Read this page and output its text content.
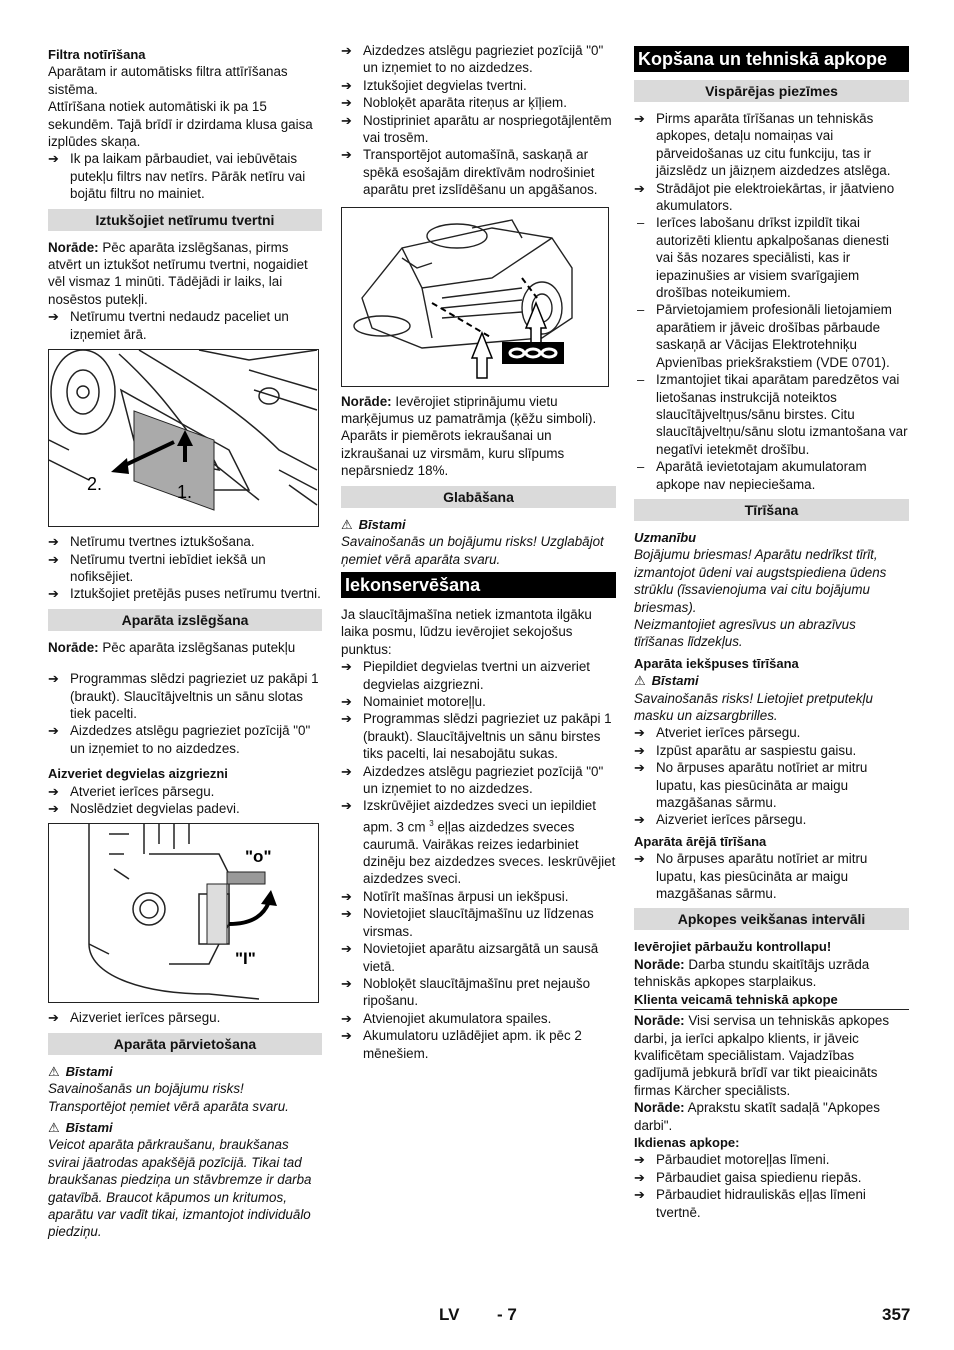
Filtra notīrīšana

Aparātam ir automātisks filtra attīrīšanas sistēma.

Attīrīšana notiek automātiski ik pa 15 sekundēm. Tajā brīdī ir dzirdama klusa gaisa izplūdes skaņa.

➔ Ik pa laikam pārbaudiet, vai iebūvētais putekļu filtrs nav netīrs. Pārāk netīru vai bojātu filtru no mainiet.
Iztukšojiet netīrumu tvertni

Norāde: Pēc aparāta izslēgšanas, pirms atvērt un iztukšot netīrumu tvertni, nogaidiet vēl vismaz 1 minūti. Tādējādi ir laiks, lai nosēstos putekļi.

➔ Netīrumu tvertni nedaudz paceliet un izņemiet ārā.
2.	1.
➔ Netīrumu tvertnes iztukšošana.
➔ Netīrumu tvertni iebīdiet iekšā un nofiksējiet.
➔ Iztukšojiet pretējās puses netīrumu tvertni.
Aparāta izslēgšana

Norāde: Pēc aparāta izslēgšanas putekļu

➔ Programmas slēdzi pagrieziet uz pakāpi 1 (braukt). Slaucītājveltnis un sānu slotas tiek pacelti.
➔ Aizdedzes atslēgu pagrieziet pozīcijā "0" un izņemiet to no aizdedzes.

Aizveriet degvielas aizgriezni

➔ Atveriet ierīces pārsegu.
➔ Noslēdziet degvielas padevi.
"o"
"I"
➔ Aizveriet ierīces pārsegu.
Aparāta pārvietošana
⚠ Bīstami

Savainošanās un bojājumu risks! Transportējot ņemiet vērā aparāta svaru.

⚠ Bīstami

Veicot aparāta pārkraušanu, braukšanas svirai jāatrodas apakšējā pozīcijā. Tikai tad braukšanas piedziņa un stāvbremze ir darba gatavībā. Braucot kāpumos un kritumos, aparātu var vadīt tikai, izmantojot individuālo piedziņu.

➔ Aizdedzes atslēgu pagrieziet pozīcijā "0" un izņemiet to no aizdedzes.
➔ Iztukšojiet degvielas tvertni.
➔ Nobloķēt aparāta riteņus ar ķīļiem.
➔ Nostipriniet aparātu ar nospriegotājlentēm vai trosēm.
➔ Transportējot automašīnā, saskaņā ar spēkā esošajām direktīvām nodrošiniet aparātu pret izslīdēšanu un apgāšanos.

Norāde: Ievērojiet stiprinājumu vietu marķējumus uz pamatrāmja (ķēžu simboli). Aparāts ir piemērots iekraušanai un izkraušanai uz virsmām, kuru slīpums nepārsniedz 18%.

Glabāšana
⚠ Bīstami

Savainošanās un bojājumu risks! Uzglabājot ņemiet vērā aparāta svaru.

Iekonservēšana

Ja slaucītājmašīna netiek izmantota ilgāku laika posmu, lūdzu ievērojiet sekojošus punktus:

➔ Piepildiet degvielas tvertni un aizveriet degvielas aizgriezni.
➔ Nomainiet motoreļļu.
➔ Programmas slēdzi pagrieziet uz pakāpi 1 (braukt). Slaucītājveltnis un sānu birstes tiks pacelti, lai nesabojātu sukas.
➔ Aizdedzes atslēgu pagrieziet pozīcijā "0" un izņemiet to no aizdedzes.
➔ Izskrūvējiet aizdedzes sveci un iepildiet apm. 3 cm $^3$ eļļas aizdedzes sveces caurumā. Vairākas reizes iedarbiniet dzinēju bez aizdedzes sveces. Ieskrūvējiet aizdedzes sveci.
➔ Notīrīt mašīnas ārpusi un iekšpusi.
➔ Novietojiet slaucītājmašīnu uz līdzenas virsmas.
➔ Novietojiet aparātu aizsargātā un sausā vietā.
➔ Nobloķēt slaucītājmašīnu pret nejaušo ripošanu.
➔ Atvienojiet akumulatora spailes.
➔ Akumulatoru uzlādējiet apm. ik pēc 2 mēnešiem.
Kopšana un tehniskā apkope
Vispārējas piezīmes
➔ Pirms aparāta tīrīšanas un tehniskās apkopes, detaļu nomaiņas vai pārveidošanas uz citu funkciju, tas ir jāizslēdz un jāizņem aizdedzes atslēga.
➔ Strādājot pie elektroiekārtas, ir jāatvieno akumulators.
– Ierīces labošanu drīkst izpildīt tikai autorizēti klientu apkalpošanas dienesti vai šās nozares speciālisti, kas ir iepazinušies ar visiem svarīgajiem drošības noteikumiem.
– Pārvietojamiem profesionāli lietojamiem aparātiem ir jāveic drošības pārbaude saskaņā ar Vācijas Elektrotehniķu Apvienības priekšrakstiem (VDE 0701).
– Izmantojiet tikai aparātam paredzētos vai lietošanas instrukcijā noteiktos slaucītājveltņus/sānu birstes. Citu slaucītājveltņu/sānu slotu izmantošana var negatīvi ietekmēt drošību.
– Aparātā ievietotajam akumulatoram apkope nav nepieciešama.
Tīrīšana

Uzmanību

Bojājumu briesmas! Aparātu nedrīkst tīrīt, izmantojot ūdeni vai augstspiediena ūdens strūklu (īssavienojuma vai citu bojājumu briesmas).

Neizmantojiet agresīvus un abrazīvus tīrīšanas līdzekļus.

Aparāta iekšpuses tīrīšana

⚠ Bīstami

Savainošanās risks! Lietojiet pretputekļu masku un aizsargbrilles.

➔ Atveriet ierīces pārsegu.
➔ Izpūst aparātu ar saspiestu gaisu.
➔ No ārpuses aparātu notīriet ar mitru lupatu, kas piesūcināta ar maigu mazgāšanas sārmu.
➔ Aizveriet ierīces pārsegu.

Aparāta ārējā tīrīšana

➔ No ārpuses aparātu notīriet ar mitru lupatu, kas piesūcināta ar maigu mazgāšanas sārmu.
Apkopes veikšanas intervāli

Ievērojiet pārbaužu kontrollapu!

Norāde: Darba stundu skaitītājs uzrāda tehniskās apkopes starplaikus.

Klienta veicamā tehniskā apkope

Norāde: Visi servisa un tehniskās apkopes darbi, ja ierīci apkalpo klients, ir jāveic kvalificētam speciālistam. Vajadzības gadījumā jebkurā brīdī var tikt pieaicināts firmas Kärcher speciālists.

Norāde: Aprakstu skatīt sadaļā "Apkopes darbi".

Ikdienas apkope:

➔ Pārbaudiet motoreļļas līmeni.
➔ Pārbaudiet gaisa spiedienu riepās.
➔ Pārbaudiet hidrauliskās eļļas līmeni tvertnē.
LV - 7	357
